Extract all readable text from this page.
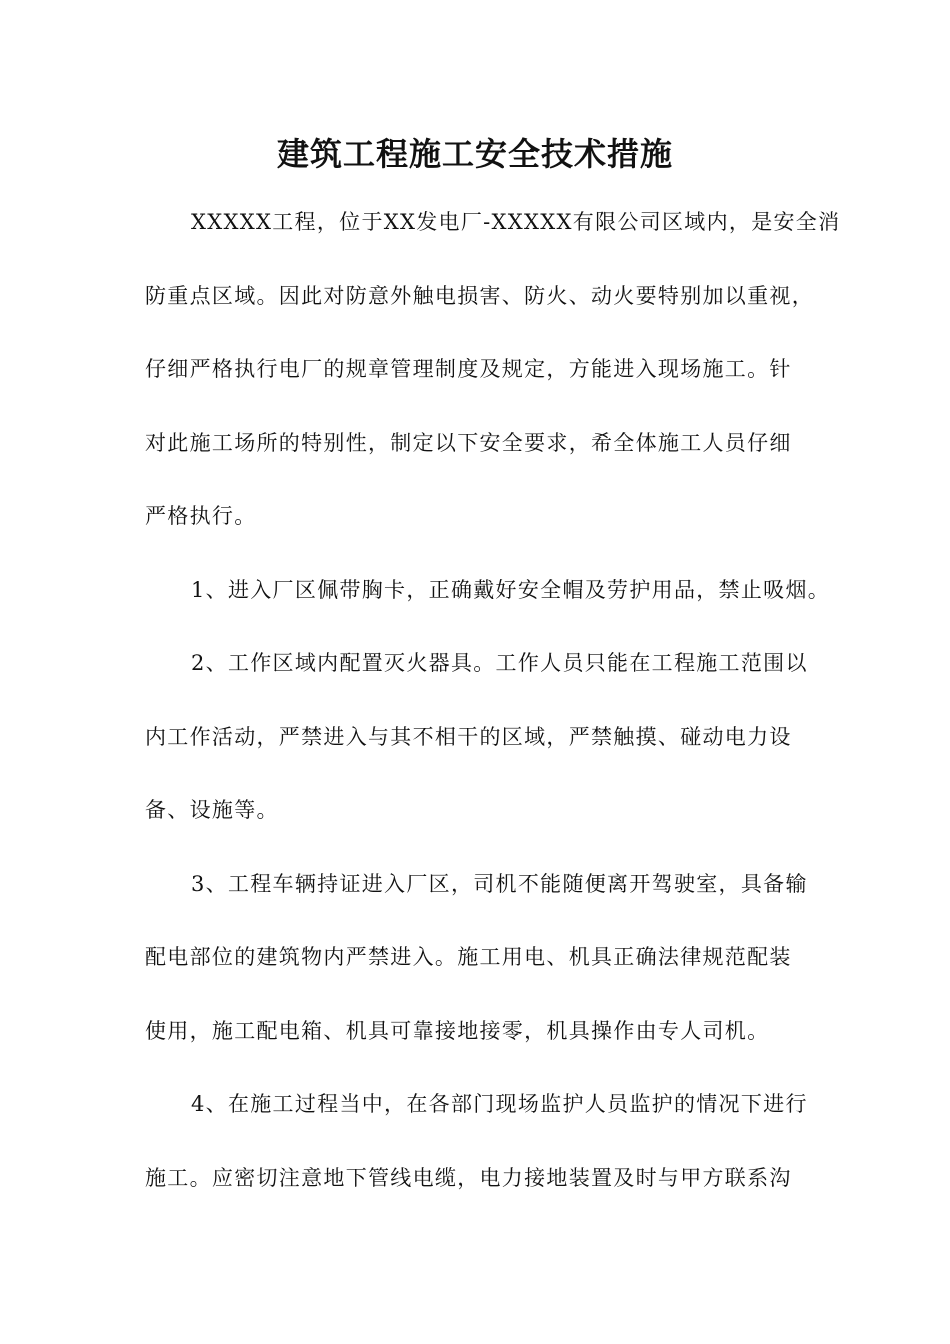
建筑工程施工安全技术措施
XXXXX工程，位于XX发电厂-XXXXX有限公司区域内，是安全消
防重点区域。因此对防意外触电损害、防火、动火要特别加以重视，
仔细严格执行电厂的规章管理制度及规定，方能进入现场施工。针
对此施工场所的特别性，制定以下安全要求，希全体施工人员仔细
严格执行。
1、进入厂区佩带胸卡，正确戴好安全帽及劳护用品，禁止吸烟。
2、工作区域内配置灭火器具。工作人员只能在工程施工范围以
内工作活动，严禁进入与其不相干的区域，严禁触摸、碰动电力设
备、设施等。
3、工程车辆持证进入厂区，司机不能随便离开驾驶室，具备输
配电部位的建筑物内严禁进入。施工用电、机具正确法律规范配装
使用，施工配电箱、机具可靠接地接零，机具操作由专人司机。
4、在施工过程当中，在各部门现场监护人员监护的情况下进行
施工。应密切注意地下管线电缆，电力接地装置及时与甲方联系沟
